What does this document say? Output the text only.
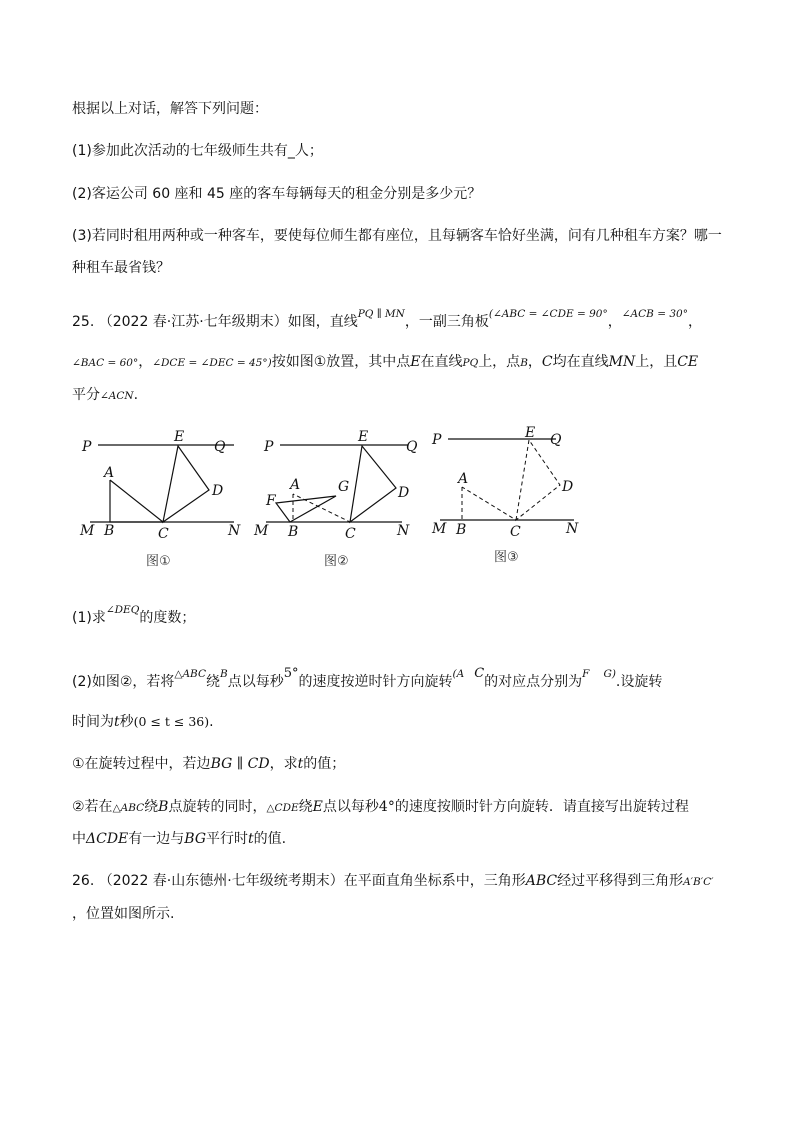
根据以上对话，解答下列问题：
(1)参加此次活动的七年级师生共有_人；
(2)客运公司 60 座和 45 座的客车每辆每天的租金分别是多少元？
(3)若同时租用两种或一种客车，要使每位师生都有座位，且每辆客车恰好坐满，问有几种租车方案？哪一
种租车最省钱？
25. （2022 春·江苏·七年级期末）如图，直线$^{PQ \parallel MN}$，一副三角板$^{(\angle ABC = \angle CDE = 90^\circ}$，$^{\angle ACB = 30^\circ}$，
∠BAC = 60°，∠DCE = ∠DEC = 45°)按如图①放置，其中点E在直线PQ上，点B，C均在直线MN上，且CE
平分∠ACN.
P	Q
E
A
D
M B	C	N
图①
P	Q
E
A	G
F	D
M B	C	N
图②
P	Q
E
A	D
M B	C	N
图③
(1)求$^{\angle DEQ}$的度数；
(2)如图②，若将$^{\triangle ABC}$绕$^B$点以每秒5°的速度按逆时针方向旋转$^{(A}$ C的对应点分别为$^F$ $^{G)}$.设旋转
时间为t秒(0 ≤ t ≤ 36).
①在旋转过程中，若边BG ∥ CD，求t的值；
②若在△ABC绕B点旋转的同时，△CDE绕E点以每秒4°的速度按顺时针方向旋转．请直接写出旋转过程
中ΔCDE有一边与BG平行时t的值.
26. （2022 春·山东德州·七年级统考期末）在平面直角坐标系中，三角形ABC经过平移得到三角形A′B′C′
，位置如图所示.
